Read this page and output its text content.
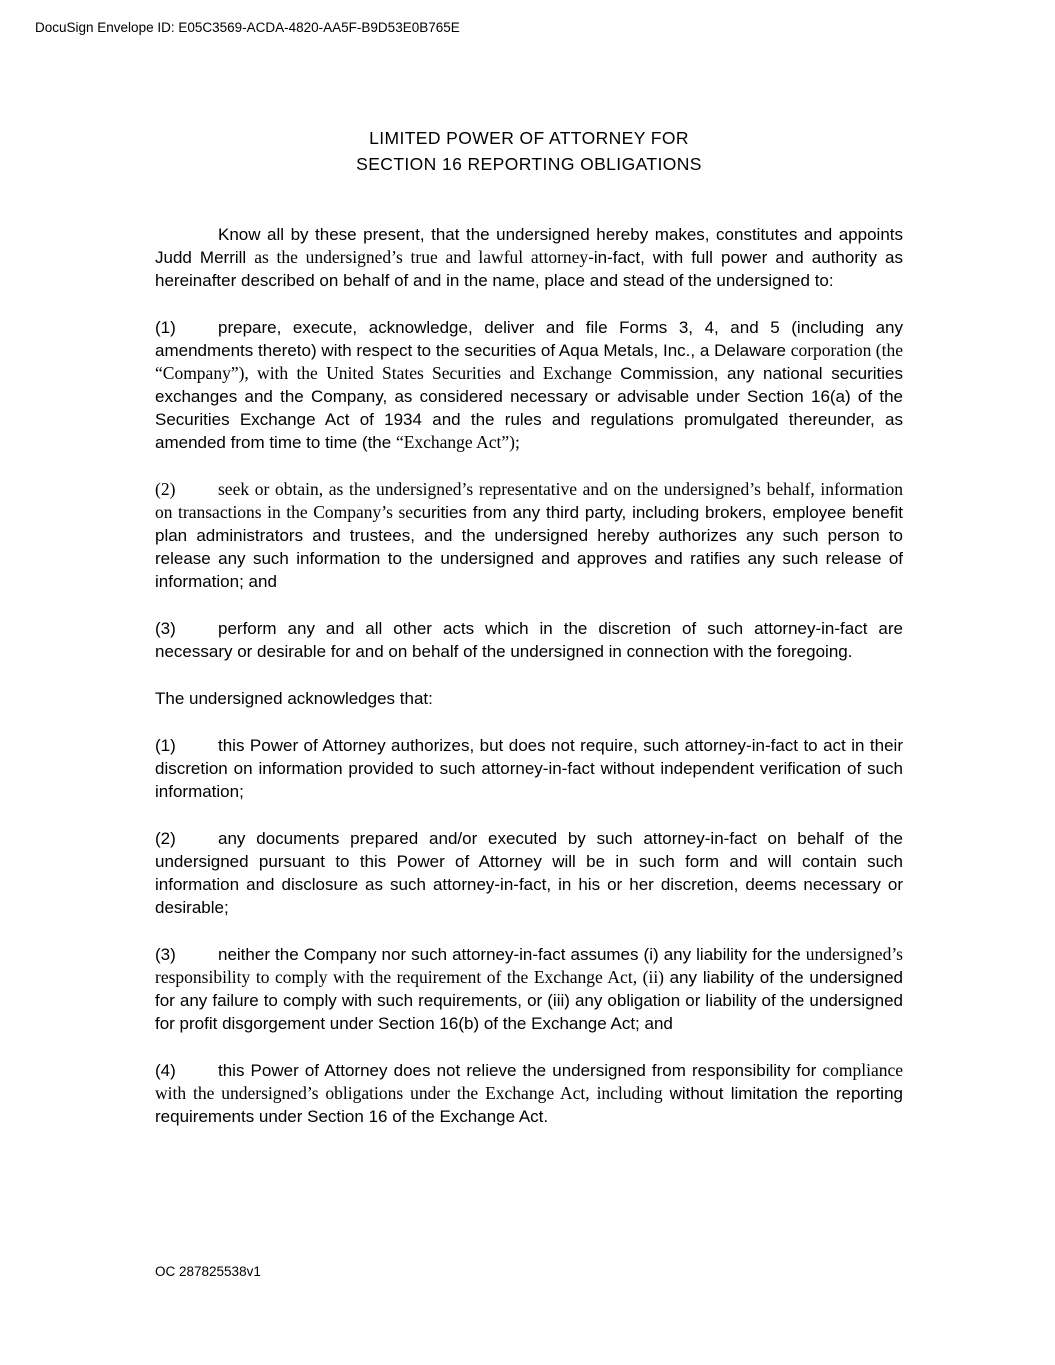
DocuSign Envelope ID: E05C3569-ACDA-4820-AA5F-B9D53E0B765E
LIMITED POWER OF ATTORNEY FOR
SECTION 16 REPORTING OBLIGATIONS

Know all by these present, that the undersigned hereby makes, constitutes and appoints Judd Merrill as the undersigned’s true and lawful attorney-in-fact, with full power and authority as hereinafter described on behalf of and in the name, place and stead of the undersigned to:

(1) prepare, execute, acknowledge, deliver and file Forms 3, 4, and 5 (including any amendments thereto) with respect to the securities of Aqua Metals, Inc., a Delaware corporation (the “Company”), with the United States Securities and Exchange Commission, any national securities exchanges and the Company, as considered necessary or advisable under Section 16(a) of the Securities Exchange Act of 1934 and the rules and regulations promulgated thereunder, as amended from time to time (the “Exchange Act”);

(2) seek or obtain, as the undersigned’s representative and on the undersigned’s behalf, information on transactions in the Company’s securities from any third party, including brokers, employee benefit plan administrators and trustees, and the undersigned hereby authorizes any such person to release any such information to the undersigned and approves and ratifies any such release of information; and

(3) perform any and all other acts which in the discretion of such attorney-in-fact are necessary or desirable for and on behalf of the undersigned in connection with the foregoing.

The undersigned acknowledges that:

(1) this Power of Attorney authorizes, but does not require, such attorney-in-fact to act in their discretion on information provided to such attorney-in-fact without independent verification of such information;

(2) any documents prepared and/or executed by such attorney-in-fact on behalf of the undersigned pursuant to this Power of Attorney will be in such form and will contain such information and disclosure as such attorney-in-fact, in his or her discretion, deems necessary or desirable;

(3) neither the Company nor such attorney-in-fact assumes (i) any liability for the undersigned’s responsibility to comply with the requirement of the Exchange Act, (ii) any liability of the undersigned for any failure to comply with such requirements, or (iii) any obligation or liability of the undersigned for profit disgorgement under Section 16(b) of the Exchange Act; and

(4) this Power of Attorney does not relieve the undersigned from responsibility for compliance with the undersigned’s obligations under the Exchange Act, including without limitation the reporting requirements under Section 16 of the Exchange Act.

OC 287825538v1
